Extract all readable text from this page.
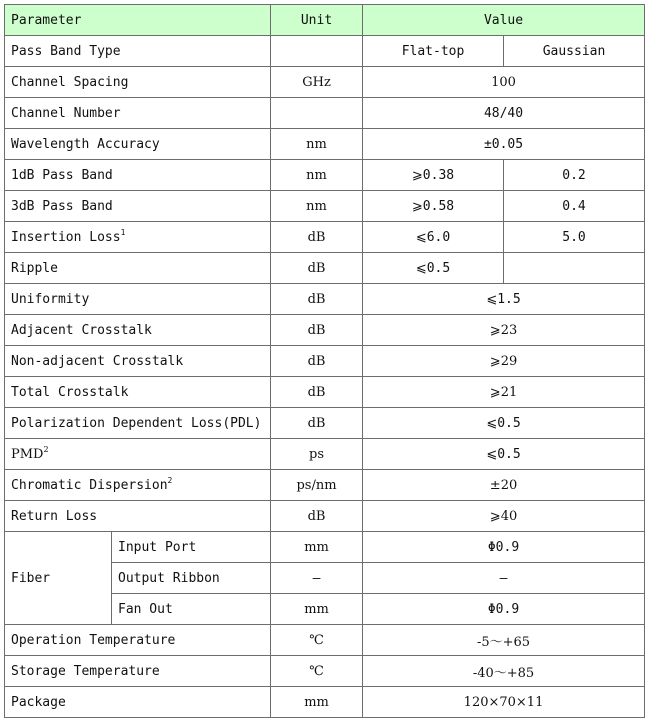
Parameter		Unit	Value	
Pass Band Type			Flat-top	Gaussian
Channel Spacing		GHz	100	
Channel Number			48/40	
Wavelength Accuracy		nm	±0.05	
1dB Pass Band		nm	⩾0.38	0.2
3dB Pass Band		nm	⩾0.58	0.4
Insertion Loss$^1$		dB	⩽6.0	5.0
Ripple		dB	⩽0.5	
Uniformity		dB	⩽1.5	
Adjacent Crosstalk		dB	⩾23	
Non-adjacent Crosstalk		dB	⩾29	
Total Crosstalk		dB	⩾21	
Polarization Dependent Loss(PDL)		dB	⩽0.5	
PMD$^2$		ps	⩽0.5	
Chromatic Dispersion$^2$		ps/nm	±20	
Return Loss		dB	⩾40	
Fiber	Input Port	mm	Φ0.9	
	Output Ribbon	—	—	
	Fan Out	mm	Φ0.9	
Operation Temperature		℃	-5～+65	
Storage Temperature		℃	-40～+85	
Package		mm	120×70×11	
